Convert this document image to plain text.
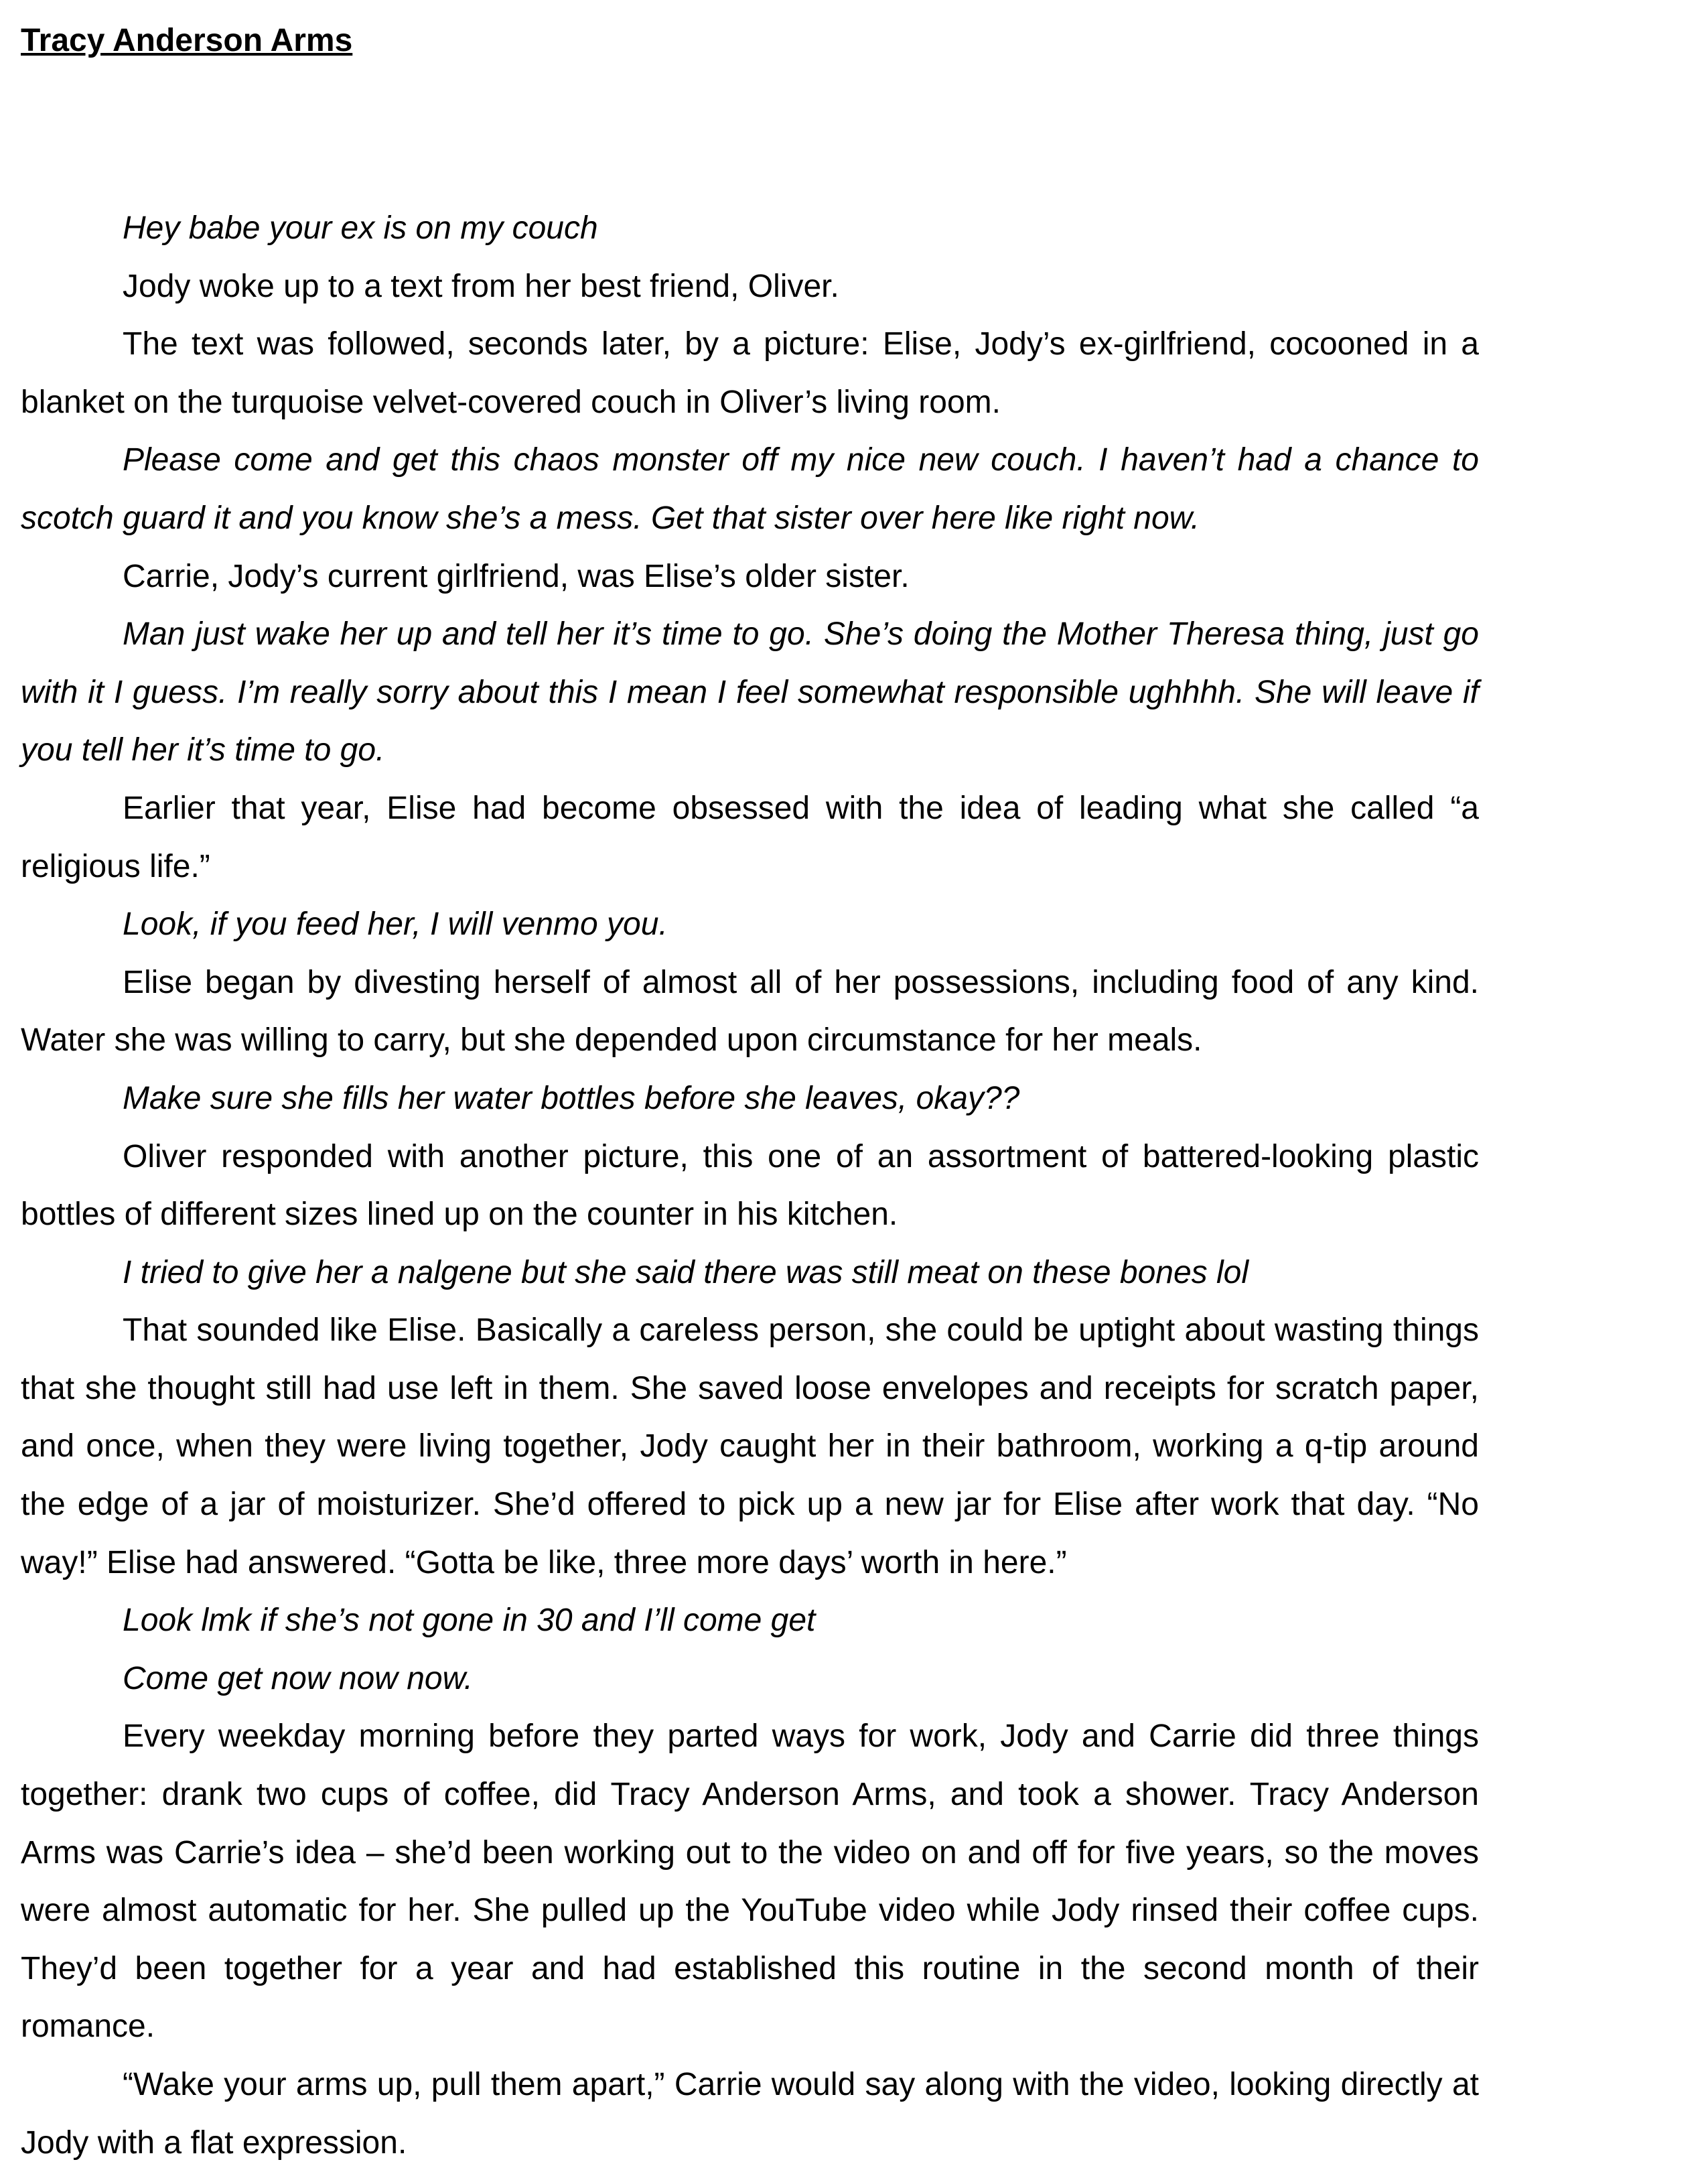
Tracy Anderson Arms

Hey babe your ex is on my couch

Jody woke up to a text from her best friend, Oliver.

The text was followed, seconds later, by a picture: Elise, Jody’s ex-girlfriend, cocooned in a blanket on the turquoise velvet-covered couch in Oliver’s living room.

Please come and get this chaos monster off my nice new couch. I haven’t had a chance to scotch guard it and you know she’s a mess. Get that sister over here like right now.

Carrie, Jody’s current girlfriend, was Elise’s older sister.

Man just wake her up and tell her it’s time to go. She’s doing the Mother Theresa thing, just go with it I guess. I’m really sorry about this I mean I feel somewhat responsible ughhhh. She will leave if you tell her it’s time to go.

Earlier that year, Elise had become obsessed with the idea of leading what she called “a religious life.”

Look, if you feed her, I will venmo you.

Elise began by divesting herself of almost all of her possessions, including food of any kind. Water she was willing to carry, but she depended upon circumstance for her meals.

Make sure she fills her water bottles before she leaves, okay??

Oliver responded with another picture, this one of an assortment of battered-looking plastic bottles of different sizes lined up on the counter in his kitchen.

I tried to give her a nalgene but she said there was still meat on these bones lol

That sounded like Elise. Basically a careless person, she could be uptight about wasting things that she thought still had use left in them. She saved loose envelopes and receipts for scratch paper, and once, when they were living together, Jody caught her in their bathroom, working a q-tip around the edge of a jar of moisturizer. She’d offered to pick up a new jar for Elise after work that day. “No way!” Elise had answered. “Gotta be like, three more days’ worth in here.”

Look lmk if she’s not gone in 30 and I’ll come get

Come get now now now.

Every weekday morning before they parted ways for work, Jody and Carrie did three things together: drank two cups of coffee, did Tracy Anderson Arms, and took a shower. Tracy Anderson Arms was Carrie’s idea – she’d been working out to the video on and off for five years, so the moves were almost automatic for her. She pulled up the YouTube video while Jody rinsed their coffee cups. They’d been together for a year and had established this routine in the second month of their romance.

“Wake your arms up, pull them apart,” Carrie would say along with the video, looking directly at Jody with a flat expression.
